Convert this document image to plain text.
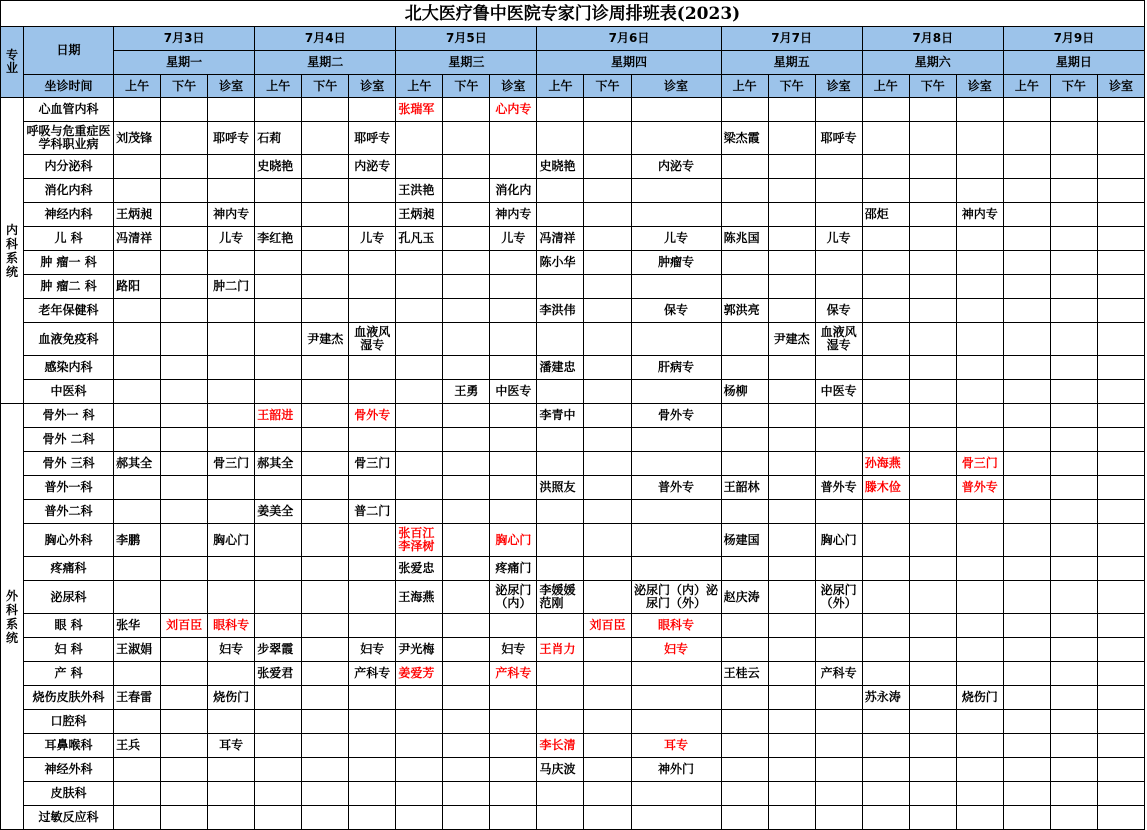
北大医疗鲁中医院专家门诊周排班表(2023)
专业	日期	7月3日			7月4日			7月5日			7月6日			7月7日			7月8日			7月9日		
		星期一			星期二			星期三			星期四			星期五			星期六			星期日		
	坐诊时间	上午	下午	诊室	上午	下午	诊室	上午	下午	诊室	上午	下午	诊室	上午	下午	诊室	上午	下午	诊室	上午	下午	诊室
内科系统	心血管内科							张瑞军		心内专												
	呼吸与危重症医学科职业病	刘茂锋		耶呼专	石莉		耶呼专							梁杰霞		耶呼专						
	内分泌科				史晓艳		内泌专				史晓艳		内泌专									
	消化内科							王洪艳		消化内												
	神经内科	王炳昶		神内专				王炳昶		神内专							邵炬		神内专			
	儿 科	冯清祥		儿专	李红艳		儿专	孔凡玉		儿专	冯清祥		儿专	陈兆国		儿专						
	肿 瘤一 科										陈小华		肿瘤专									
	肿 瘤二 科	路阳		肿二门																		
	老年保健科										李洪伟		保专	郭洪亮		保专						
	血液免疫科					尹建杰	血液风湿专								尹建杰	血液风湿专						
	感染内科										潘建忠		肝病专									
	中医科								王勇	中医专				杨柳		中医专						
外科系统	骨外一 科				王韶进		骨外专				李青中		骨外专									
	骨外 二科																					
	骨外 三科	郝其全		骨三门	郝其全		骨三门										孙海燕		骨三门			
	普外一科										洪照友		普外专	王韶林		普外专	滕木俭		普外专			
	普外二科				姜美全		普二门															
	胸心外科	李鹏		胸心门				张百江 李泽树		胸心门				杨建国		胸心门						
	疼痛科							张爱忠		疼痛门												
	泌尿科							王海燕		泌尿门（内）	李媛媛 范刚		泌尿门（内）泌尿门（外）	赵庆涛		泌尿门（外）						
	眼 科	张华	刘百臣	眼科专								刘百臣	眼科专									
	妇 科	王淑娟		妇专	步翠霞		妇专	尹光梅		妇专	王肖力		妇专									
	产 科				张爱君		产科专	姜爱芳		产科专				王桂云		产科专						
	烧伤皮肤外科	王春雷		烧伤门													苏永涛		烧伤门			
	口腔科																					
	耳鼻喉科	王兵		耳专							李长清		耳专									
	神经外科										马庆波		神外门									
	皮肤科																					
	过敏反应科																					
